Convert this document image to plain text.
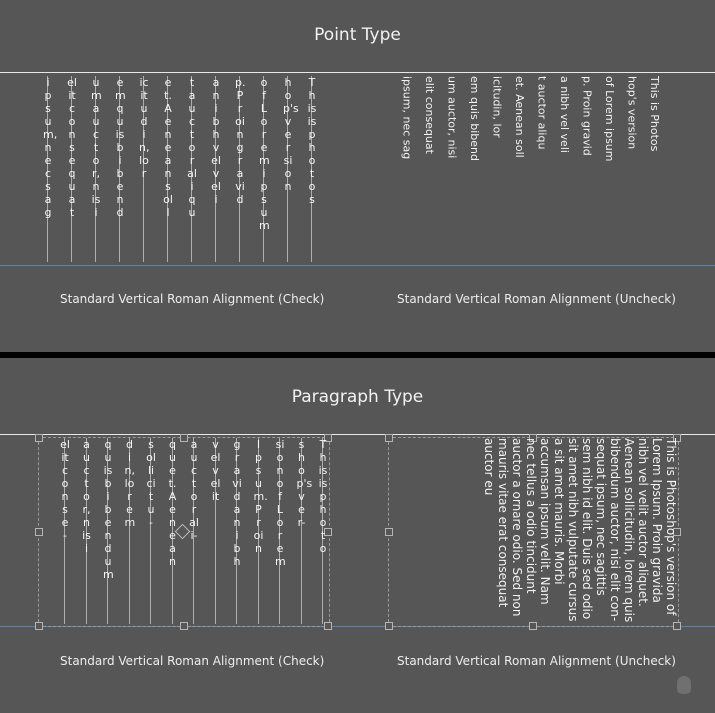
Point Type
This is photos
hop's version
of Lorem ipsum
p. Proin gravid
a nibh vel veli
t auctor aliqu
et. Aenean soll
icitudin, lor
em quis bibend
um auctor, nisi
elit consequat
ipsum, nec sag
This is Photos
hop's version
of Lorem ipsum
p. Proin gravid
a nibh vel veli
t auctor aliqu
et. Aenean soll
icitudin, lor
em quis bibend
um auctor, nisi
elit consequat
ipsum, nec sag
Standard Vertical Roman Alignment (Check)	Standard Vertical Roman Alignment (Uncheck)
Paragraph Type
This is photo
shop's ver-
sion of Lorem
Ipsum. Proin
gravida nibh
vel velit
auctor ali-
quet. Aenean
sollicitu-
din, lorem
quis bibendum
auctor, nisi
elit conse-	This is Photoshop's version of Lorem Ipsum. Proin gravida nibh vel velit auctor aliquet. Aenean sollicitudin, lorem quis bibendum auctor, nisi elit con- sequat ipsum, nec sagittis sem nibh id elit. Duis sed odio sit amet nibh vulputate cursus a sit amet mauris. Morbi accumsan ipsum velit. Nam nec tellus a odio tincidunt auctor a ornare odio. Sed non mauris vitae erat consequat auctor eu
Standard Vertical Roman Alignment (Check)	Standard Vertical Roman Alignment (Uncheck)
